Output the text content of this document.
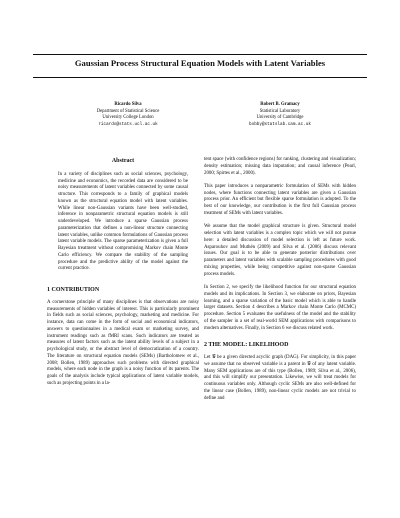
Gaussian Process Structural Equation Models with Latent Variables
Ricardo Silva
Department of Statistical Science
University College London
ricardo@stats.ucl.ac.uk
Robert B. Gramacy
Statistical Laboratory
University of Cambridge
bobby@statslab.cam.ac.uk
Abstract
In a variety of disciplines such as social sciences, psychology, medicine and economics, the recorded data are considered to be noisy measurements of latent variables connected by some causal structure. This corresponds to a family of graphical models known as the structural equation model with latent variables. While linear non-Gaussian variants have been well-studied, inference in nonparametric structural equation models is still underdeveloped. We introduce a sparse Gaussian process parameterization that defines a non-linear structure connecting latent variables, unlike common formulations of Gaussian process latent variable models. The sparse parameterization is given a full Bayesian treatment without compromising Markov chain Monte Carlo efficiency. We compare the stability of the sampling procedure and the predictive ability of the model against the current practice.
1 CONTRIBUTION
A cornerstone principle of many disciplines is that observations are noisy measurements of hidden variables of interest. This is particularly prominent in fields such as social sciences, psychology, marketing and medicine. For instance, data can come in the form of social and economical indicators, answers to questionnaires in a medical exam or marketing survey, and instrument readings such as fMRI scans. Such indicators are treated as measures of latent factors such as the latent ability levels of a subject in a psychological study, or the abstract level of democratization of a country. The literature on structural equation models (SEMs) (Bartholomew et al., 2008; Bollen, 1989) approaches such problems with directed graphical models, where each node in the graph is a noisy function of its parents. The goals of the analysis include typical applications of latent variable models, such as projecting points in a la-

tent space (with confidence regions) for ranking, clustering and visualization; density estimation; missing data imputation; and causal inference (Pearl, 2000; Spirtes et al., 2000).

This paper introduces a nonparametric formulation of SEMs with hidden nodes, where functions connecting latent variables are given a Gaussian process prior. An efficient but flexible sparse formulation is adopted. To the best of our knowledge, our contribution is the first full Gaussian process treatment of SEMs with latent variables.

We assume that the model graphical structure is given. Structural model selection with latent variables is a complex topic which we will not pursue here: a detailed discussion of model selection is left as future work. Asparouhov and Muthén (2009) and Silva et al. (2006) discuss relevant issues. Our goal is to be able to generate posterior distributions over parameters and latent variables with scalable sampling procedures with good mixing properties, while being competitive against non-sparse Gaussian process models.

In Section 2, we specify the likelihood function for our structural equation models and its implications. In Section 3, we elaborate on priors, Bayesian learning, and a sparse variation of the basic model which is able to handle larger datasets. Section 4 describes a Markov chain Monte Carlo (MCMC) procedure. Section 5 evaluates the usefulness of the model and the stability of the sampler in a set of real-world SEM applications with comparisons to modern alternatives. Finally, in Section 6 we discuss related work.

2 THE MODEL: LIKELIHOOD
Let 𝒢 be a given directed acyclic graph (DAG). For simplicity, in this paper we assume that no observed variable is a parent in 𝒢 of any latent variable. Many SEM applications are of this type (Bollen, 1989; Silva et al., 2006), and this will simplify our presentation. Likewise, we will treat models for continuous variables only. Although cyclic SEMs are also well-defined for the linear case (Bollen, 1989), non-linear cyclic models are not trivial to define and
